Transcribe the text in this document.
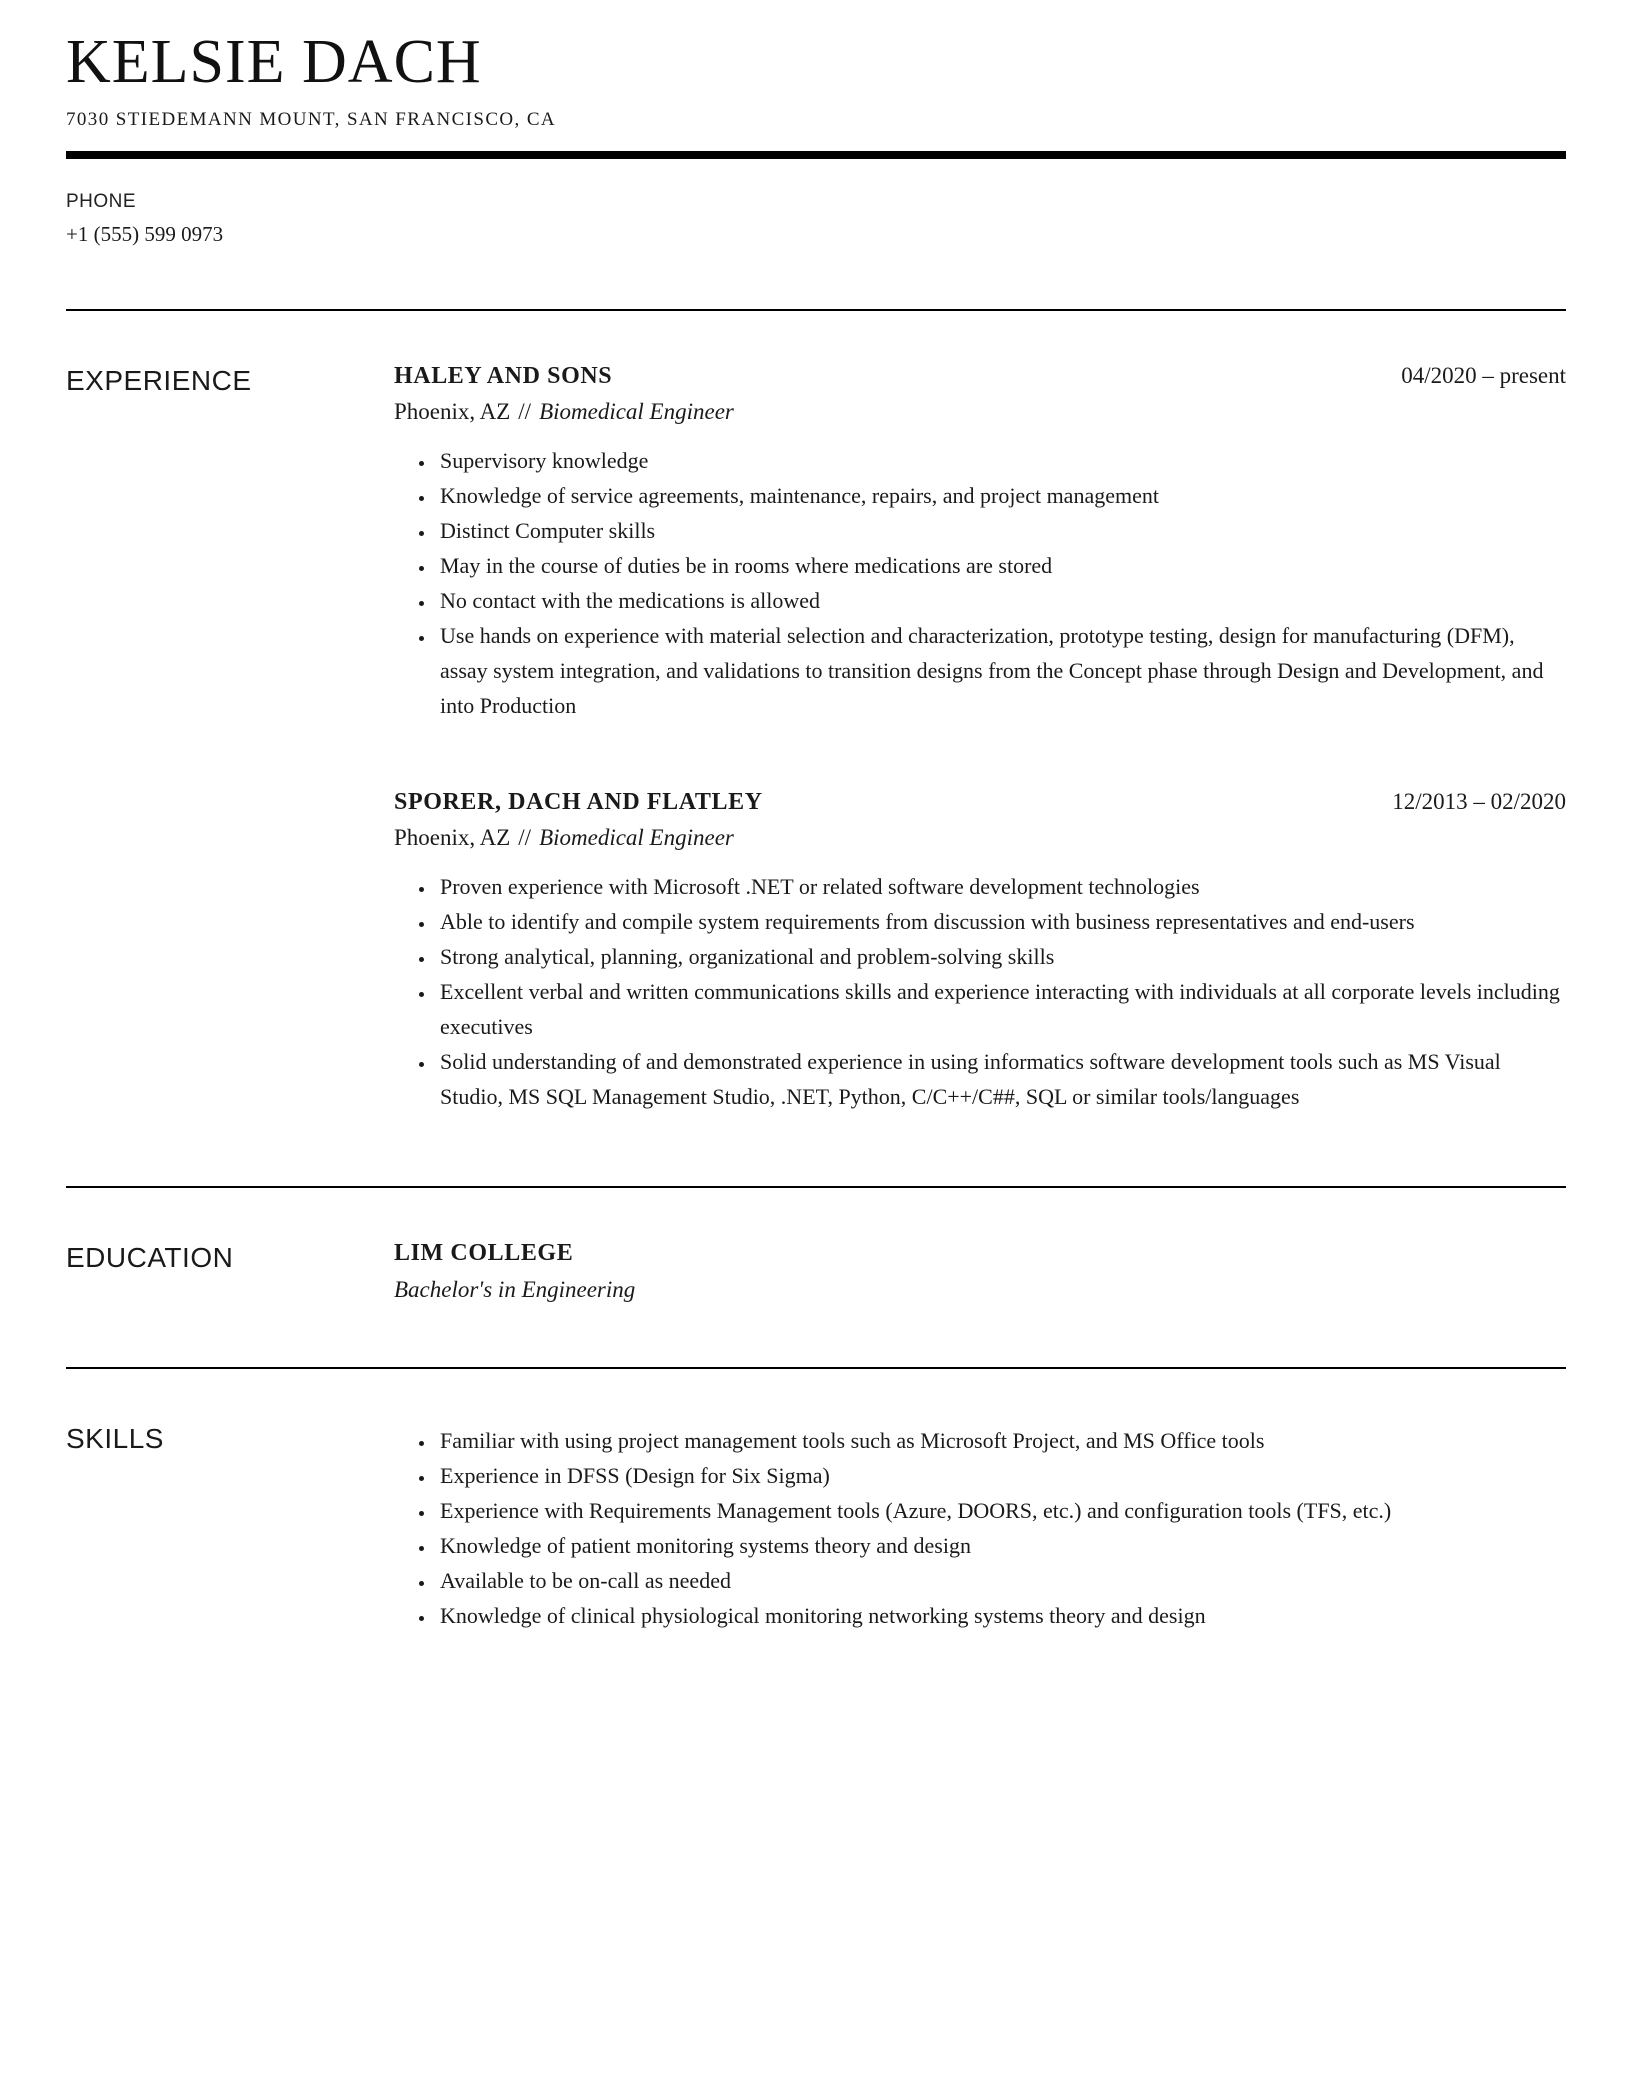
KELSIE DACH
7030 STIEDEMANN MOUNT, SAN FRANCISCO, CA
PHONE
+1 (555) 599 0973
EXPERIENCE	HALEY AND SONS	04/2020 – present
Phoenix, AZ // Biomedical Engineer
• Supervisory knowledge
• Knowledge of service agreements, maintenance, repairs, and project management
• Distinct Computer skills
• May in the course of duties be in rooms where medications are stored
• No contact with the medications is allowed
• Use hands on experience with material selection and characterization, prototype testing, design for manufacturing (DFM), assay system integration, and validations to transition designs from the Concept phase through Design and Development, and into Production
SPORER, DACH AND FLATLEY	12/2013 – 02/2020
Phoenix, AZ // Biomedical Engineer
• Proven experience with Microsoft .NET or related software development technologies
• Able to identify and compile system requirements from discussion with business representatives and end-users
• Strong analytical, planning, organizational and problem-solving skills
• Excellent verbal and written communications skills and experience interacting with individuals at all corporate levels including executives
• Solid understanding of and demonstrated experience in using informatics software development tools such as MS Visual Studio, MS SQL Management Studio, .NET, Python, C/C++/C##, SQL or similar tools/languages
EDUCATION	LIM COLLEGE
Bachelor's in Engineering
SKILLS	• Familiar with using project management tools such as Microsoft Project, and MS Office tools
• Experience in DFSS (Design for Six Sigma)
• Experience with Requirements Management tools (Azure, DOORS, etc.) and configuration tools (TFS, etc.)
• Knowledge of patient monitoring systems theory and design
• Available to be on-call as needed
• Knowledge of clinical physiological monitoring networking systems theory and design
